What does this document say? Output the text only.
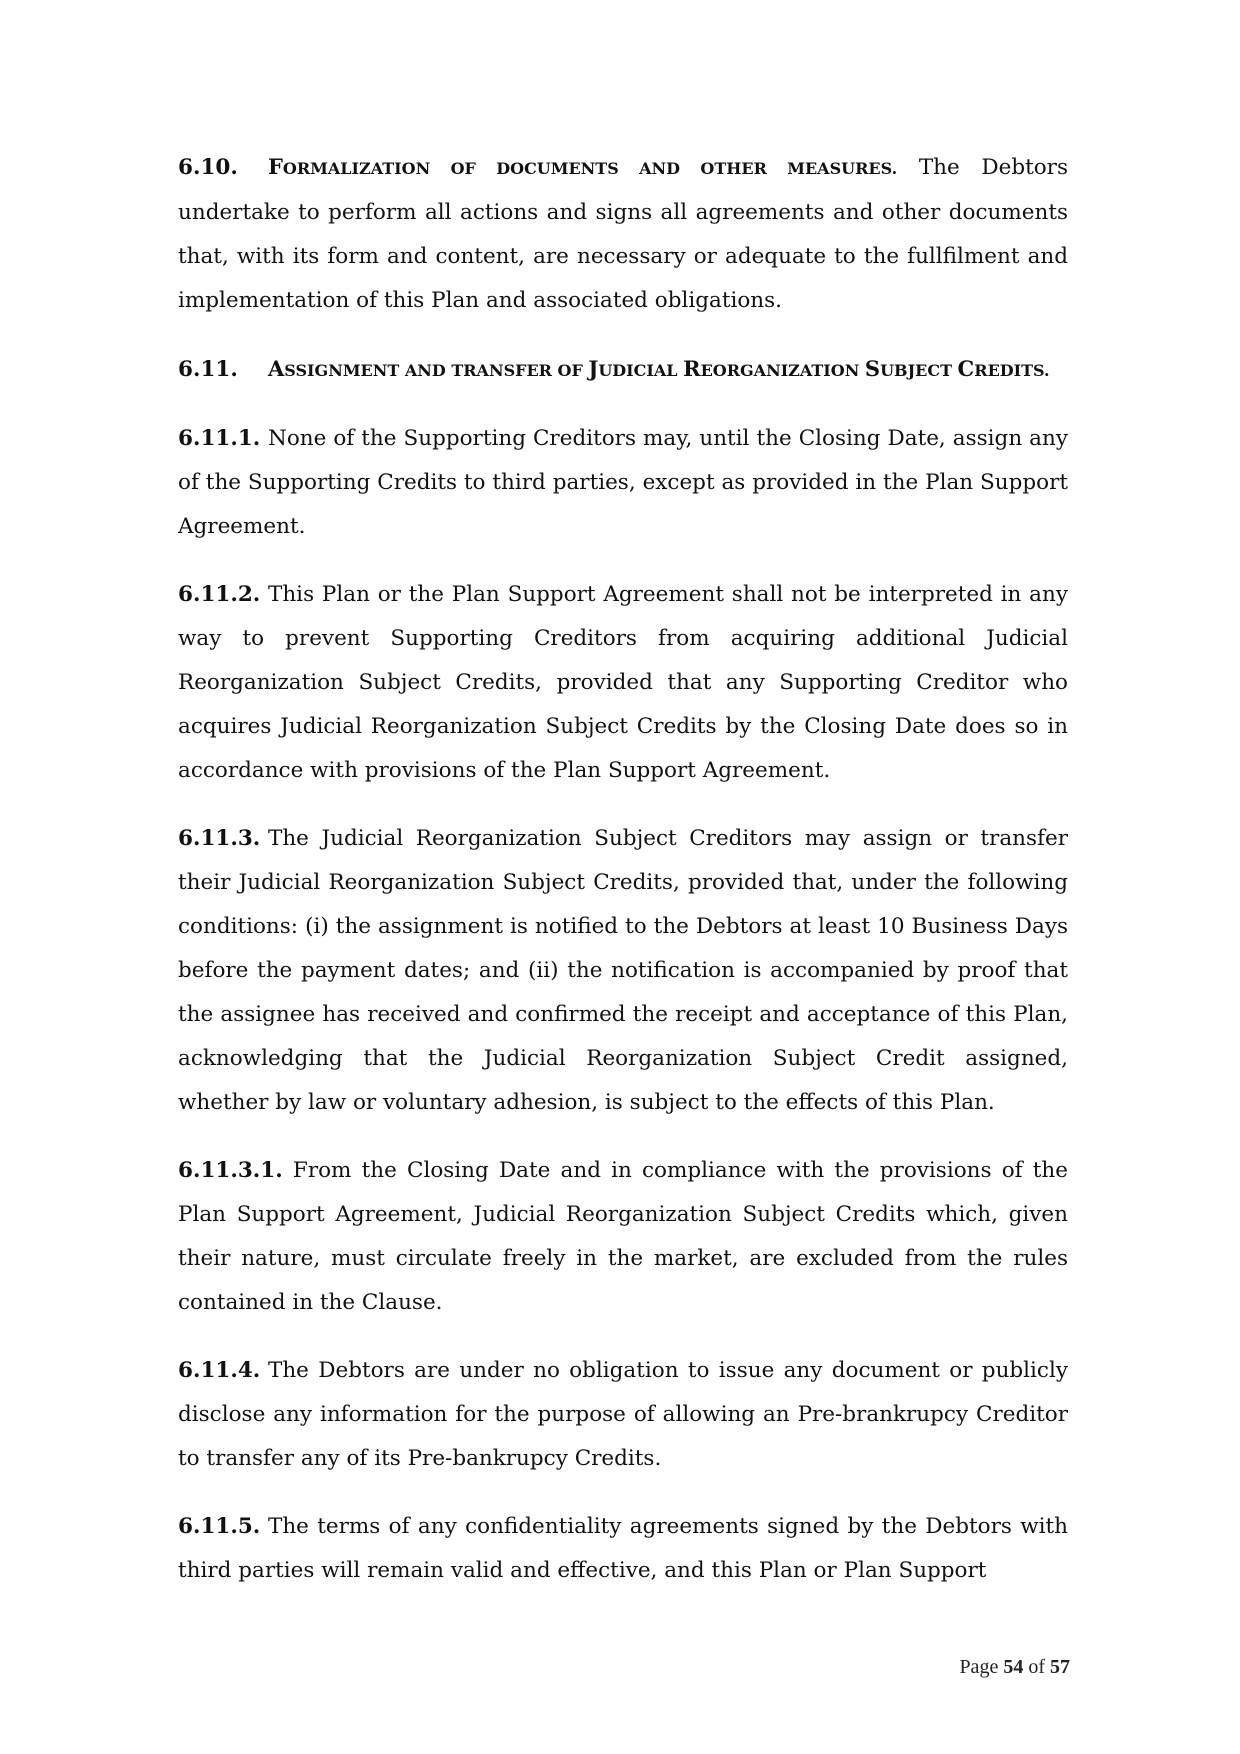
6.10. FORMALIZATION OF DOCUMENTS AND OTHER MEASURES. The Debtors undertake to perform all actions and signs all agreements and other documents that, with its form and content, are necessary or adequate to the fullfilment and implementation of this Plan and associated obligations.

6.11. ASSIGNMENT AND TRANSFER OF JUDICIAL REORGANIZATION SUBJECT CREDITS.

6.11.1. None of the Supporting Creditors may, until the Closing Date, assign any of the Supporting Credits to third parties, except as provided in the Plan Support Agreement.

6.11.2. This Plan or the Plan Support Agreement shall not be interpreted in any way to prevent Supporting Creditors from acquiring additional Judicial Reorganization Subject Credits, provided that any Supporting Creditor who acquires Judicial Reorganization Subject Credits by the Closing Date does so in accordance with provisions of the Plan Support Agreement.

6.11.3. The Judicial Reorganization Subject Creditors may assign or transfer their Judicial Reorganization Subject Credits, provided that, under the following conditions: (i) the assignment is notified to the Debtors at least 10 Business Days before the payment dates; and (ii) the notification is accompanied by proof that the assignee has received and confirmed the receipt and acceptance of this Plan, acknowledging that the Judicial Reorganization Subject Credit assigned, whether by law or voluntary adhesion, is subject to the effects of this Plan.

6.11.3.1. From the Closing Date and in compliance with the provisions of the Plan Support Agreement, Judicial Reorganization Subject Credits which, given their nature, must circulate freely in the market, are excluded from the rules contained in the Clause.

6.11.4. The Debtors are under no obligation to issue any document or publicly disclose any information for the purpose of allowing an Pre-brankrupcy Creditor to transfer any of its Pre-bankrupcy Credits.

6.11.5. The terms of any confidentiality agreements signed by the Debtors with third parties will remain valid and effective, and this Plan or Plan Support

Page 54 of 57
